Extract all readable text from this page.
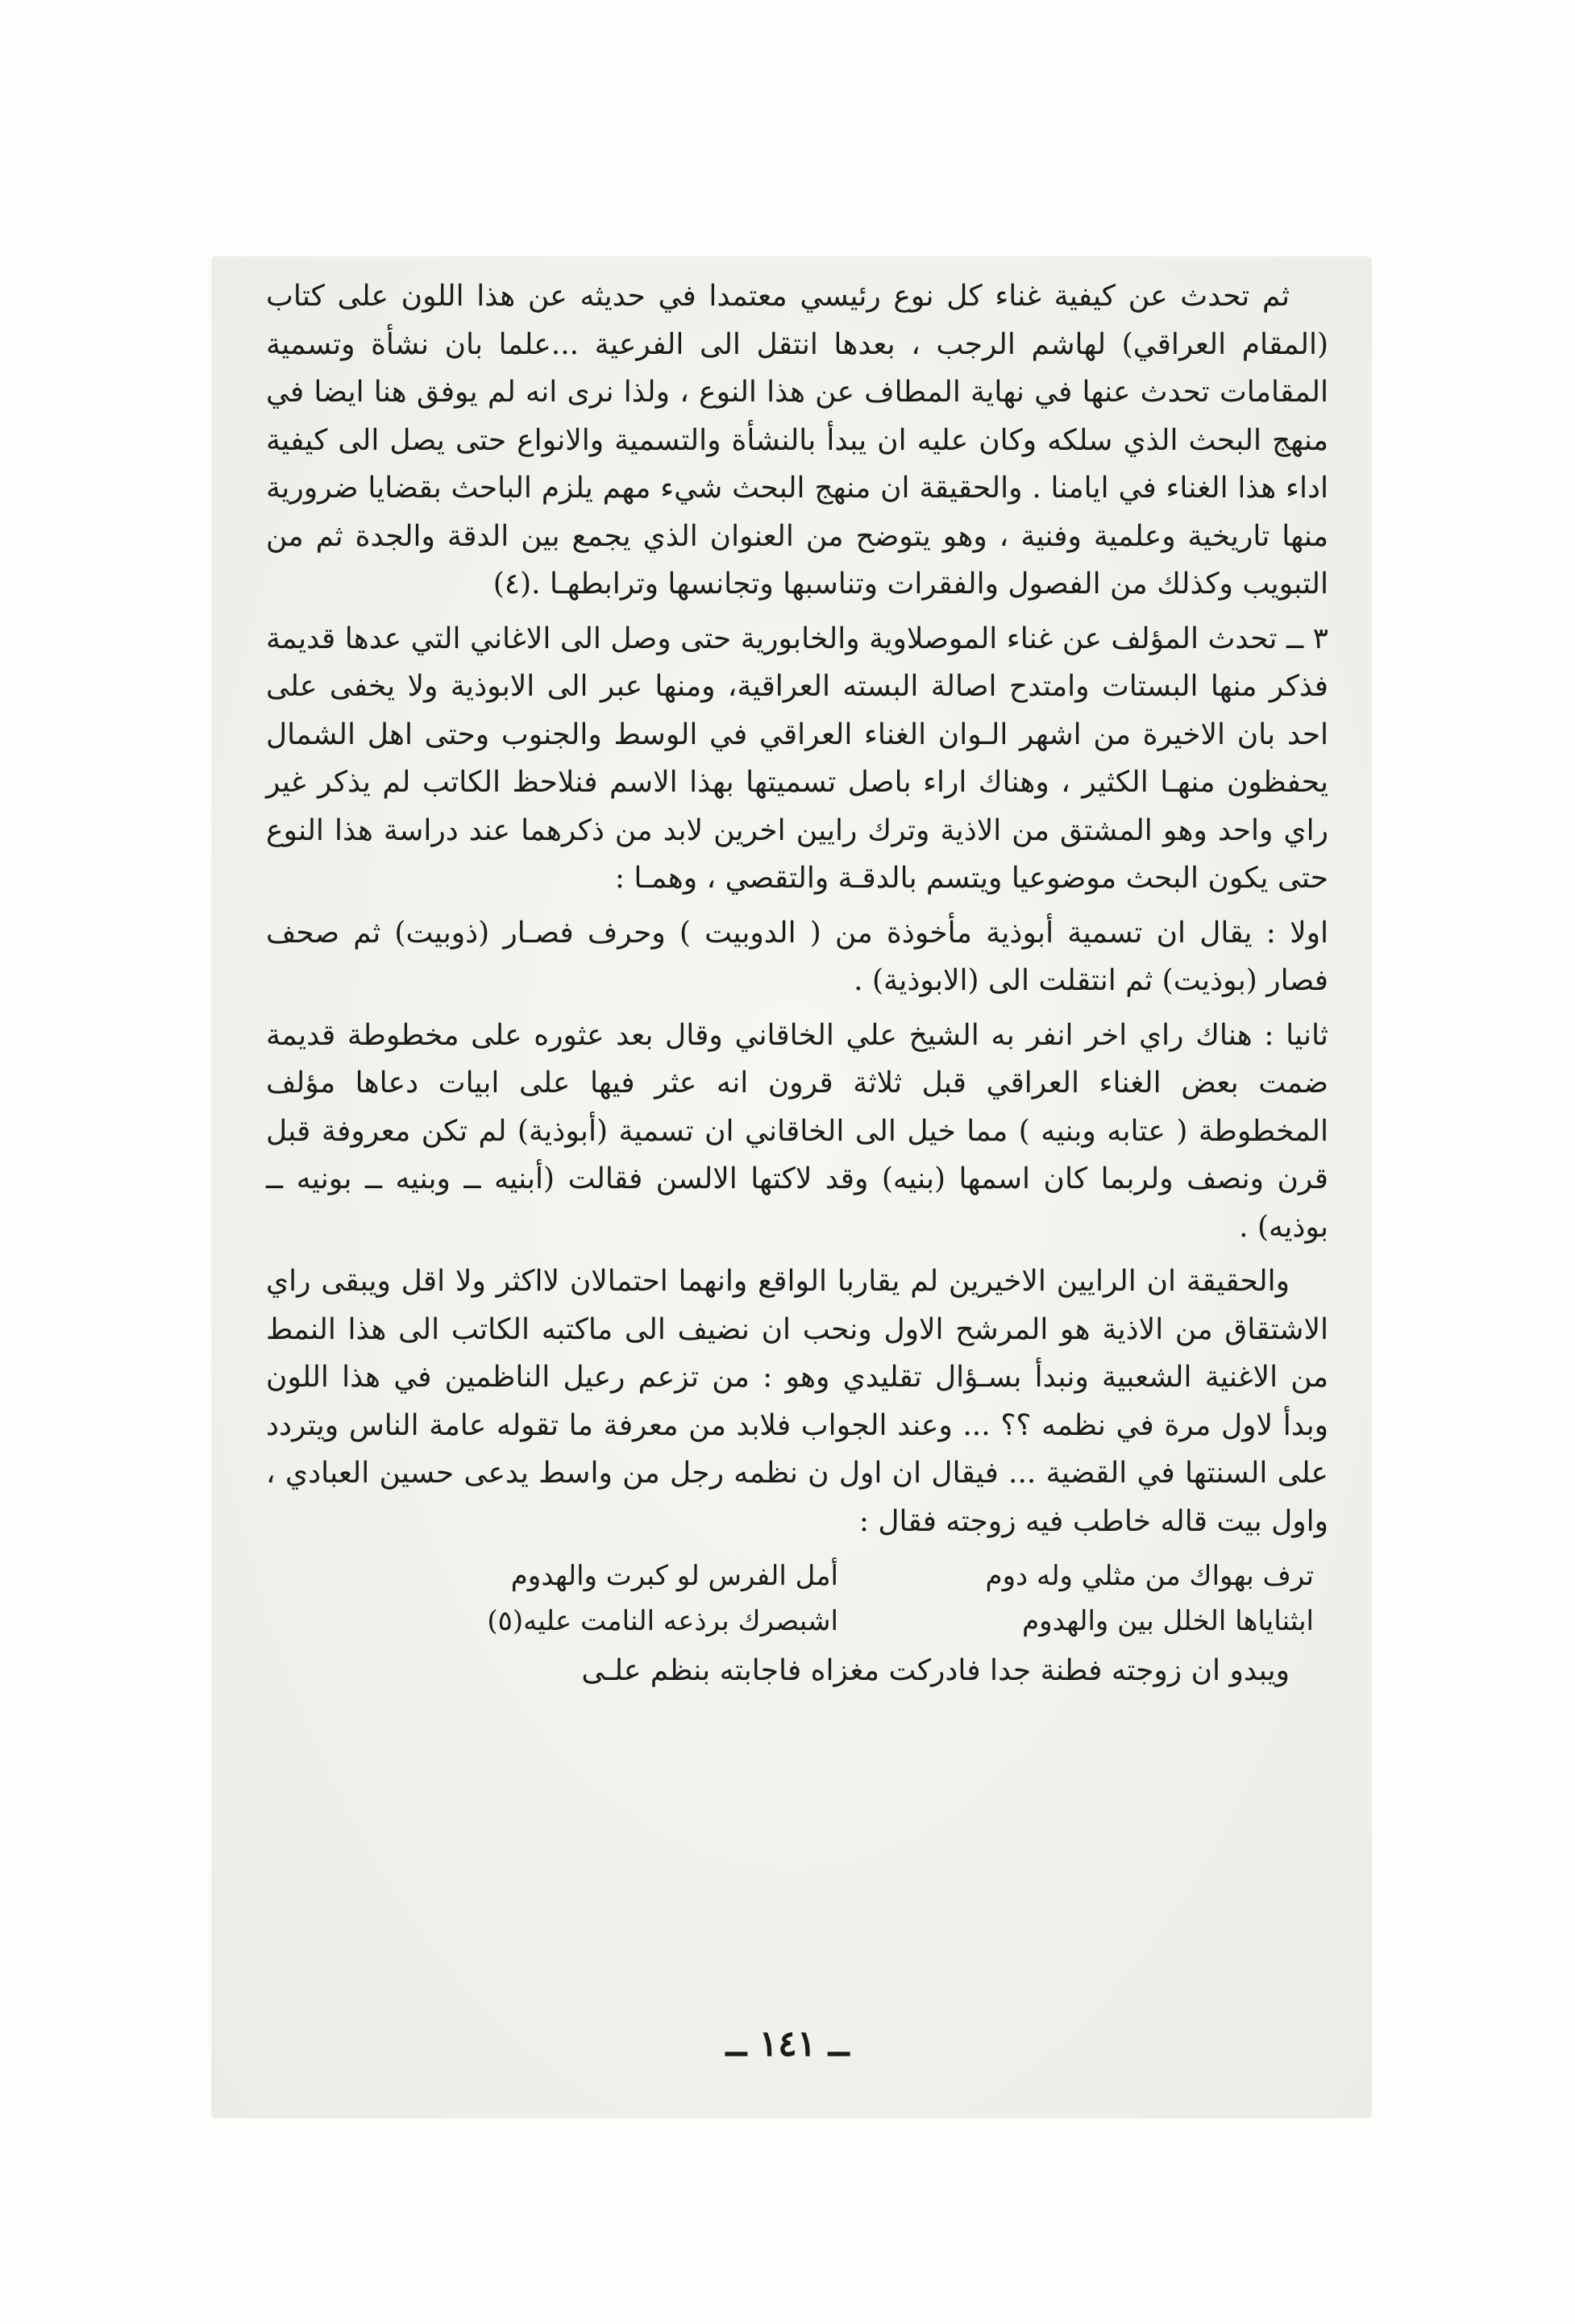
ثم تحدث عن كيفية غناء كل نوع رئيسي معتمدا في حديثه عن هذا اللون على كتاب (المقام العراقي) لهاشم الرجب ، بعدها انتقل الى الفرعية ...علما بان نشأة وتسمية المقامات تحدث عنها في نهاية المطاف عن هذا النوع ، ولذا نرى انه لم يوفق هنا ايضا في منهج البحث الذي سلكه وكان عليه ان يبدأ بالنشأة والتسمية والانواع حتى يصل الى كيفية اداء هذا الغناء في ايامنا . والحقيقة ان منهج البحث شيء مهم يلزم الباحث بقضايا ضرورية منها تاريخية وعلمية وفنية ، وهو يتوضح من العنوان الذي يجمع بين الدقة والجدة ثم من التبويب وكذلك من الفصول والفقرات وتناسبها وتجانسها وترابطهـا .(٤)

٣ ــ تحدث المؤلف عن غناء الموصلاوية والخابورية حتى وصل الى الاغاني التي عدها قديمة فذكر منها البستات وامتدح اصالة البسته العراقية، ومنها عبر الى الابوذية ولا يخفى على احد بان الاخيرة من اشهر الـوان الغناء العراقي في الوسط والجنوب وحتى اهل الشمال يحفظون منهـا الكثير ، وهناك اراء باصل تسميتها بهذا الاسم فنلاحظ الكاتب لم يذكر غير راي واحد وهو المشتق من الاذية وترك رايين اخرين لابد من ذكرهما عند دراسة هذا النوع حتى يكون البحث موضوعيا ويتسم بالدقـة والتقصي ، وهمـا :

اولا : يقال ان تسمية أبوذية مأخوذة من ( الدوبيت ) وحرف فصـار (ذوبيت) ثم صحف فصار (بوذيت) ثم انتقلت الى (الابوذية) .

ثانيا : هناك راي اخر انفر به الشيخ علي الخاقاني وقال بعد عثوره على مخطوطة قديمة ضمت بعض الغناء العراقي قبل ثلاثة قرون انه عثر فيها على ابيات دعاها مؤلف المخطوطة ( عتابه وبنيه ) مما خيل الى الخاقاني ان تسمية (أبوذية) لم تكن معروفة قبل قرن ونصف ولربما كان اسمها (بنيه) وقد لاكتها الالسن فقالت (أبنيه ــ وبنيه ــ بونيه ــ بوذيه) .

والحقيقة ان الرايين الاخيرين لم يقاربا الواقع وانهما احتمالان لااكثر ولا اقل ويبقى راي الاشتقاق من الاذية هو المرشح الاول ونحب ان نضيف الى ماكتبه الكاتب الى هذا النمط من الاغنية الشعبية ونبدأ بسـؤال تقليدي وهو : من تزعم رعيل الناظمين في هذا اللون وبدأ لاول مرة في نظمه ؟؟ ... وعند الجواب فلابد من معرفة ما تقوله عامة الناس ويتردد على السنتها في القضية ... فيقال ان اول ن نظمه رجل من واسط يدعى حسين العبادي ، واول بيت قاله خاطب فيه زوجته فقال :

ترف بهواك من مثلي وله دوم
أمل الفرس لو كبرت والهدوم
ابثناياها الخلل بين والهدوم
اشبصرك برذعه النامت عليه(٥)

ويبدو ان زوجته فطنة جدا فادركت مغزاه فاجابته بنظم علـى

ــ ١٤١ ــ
